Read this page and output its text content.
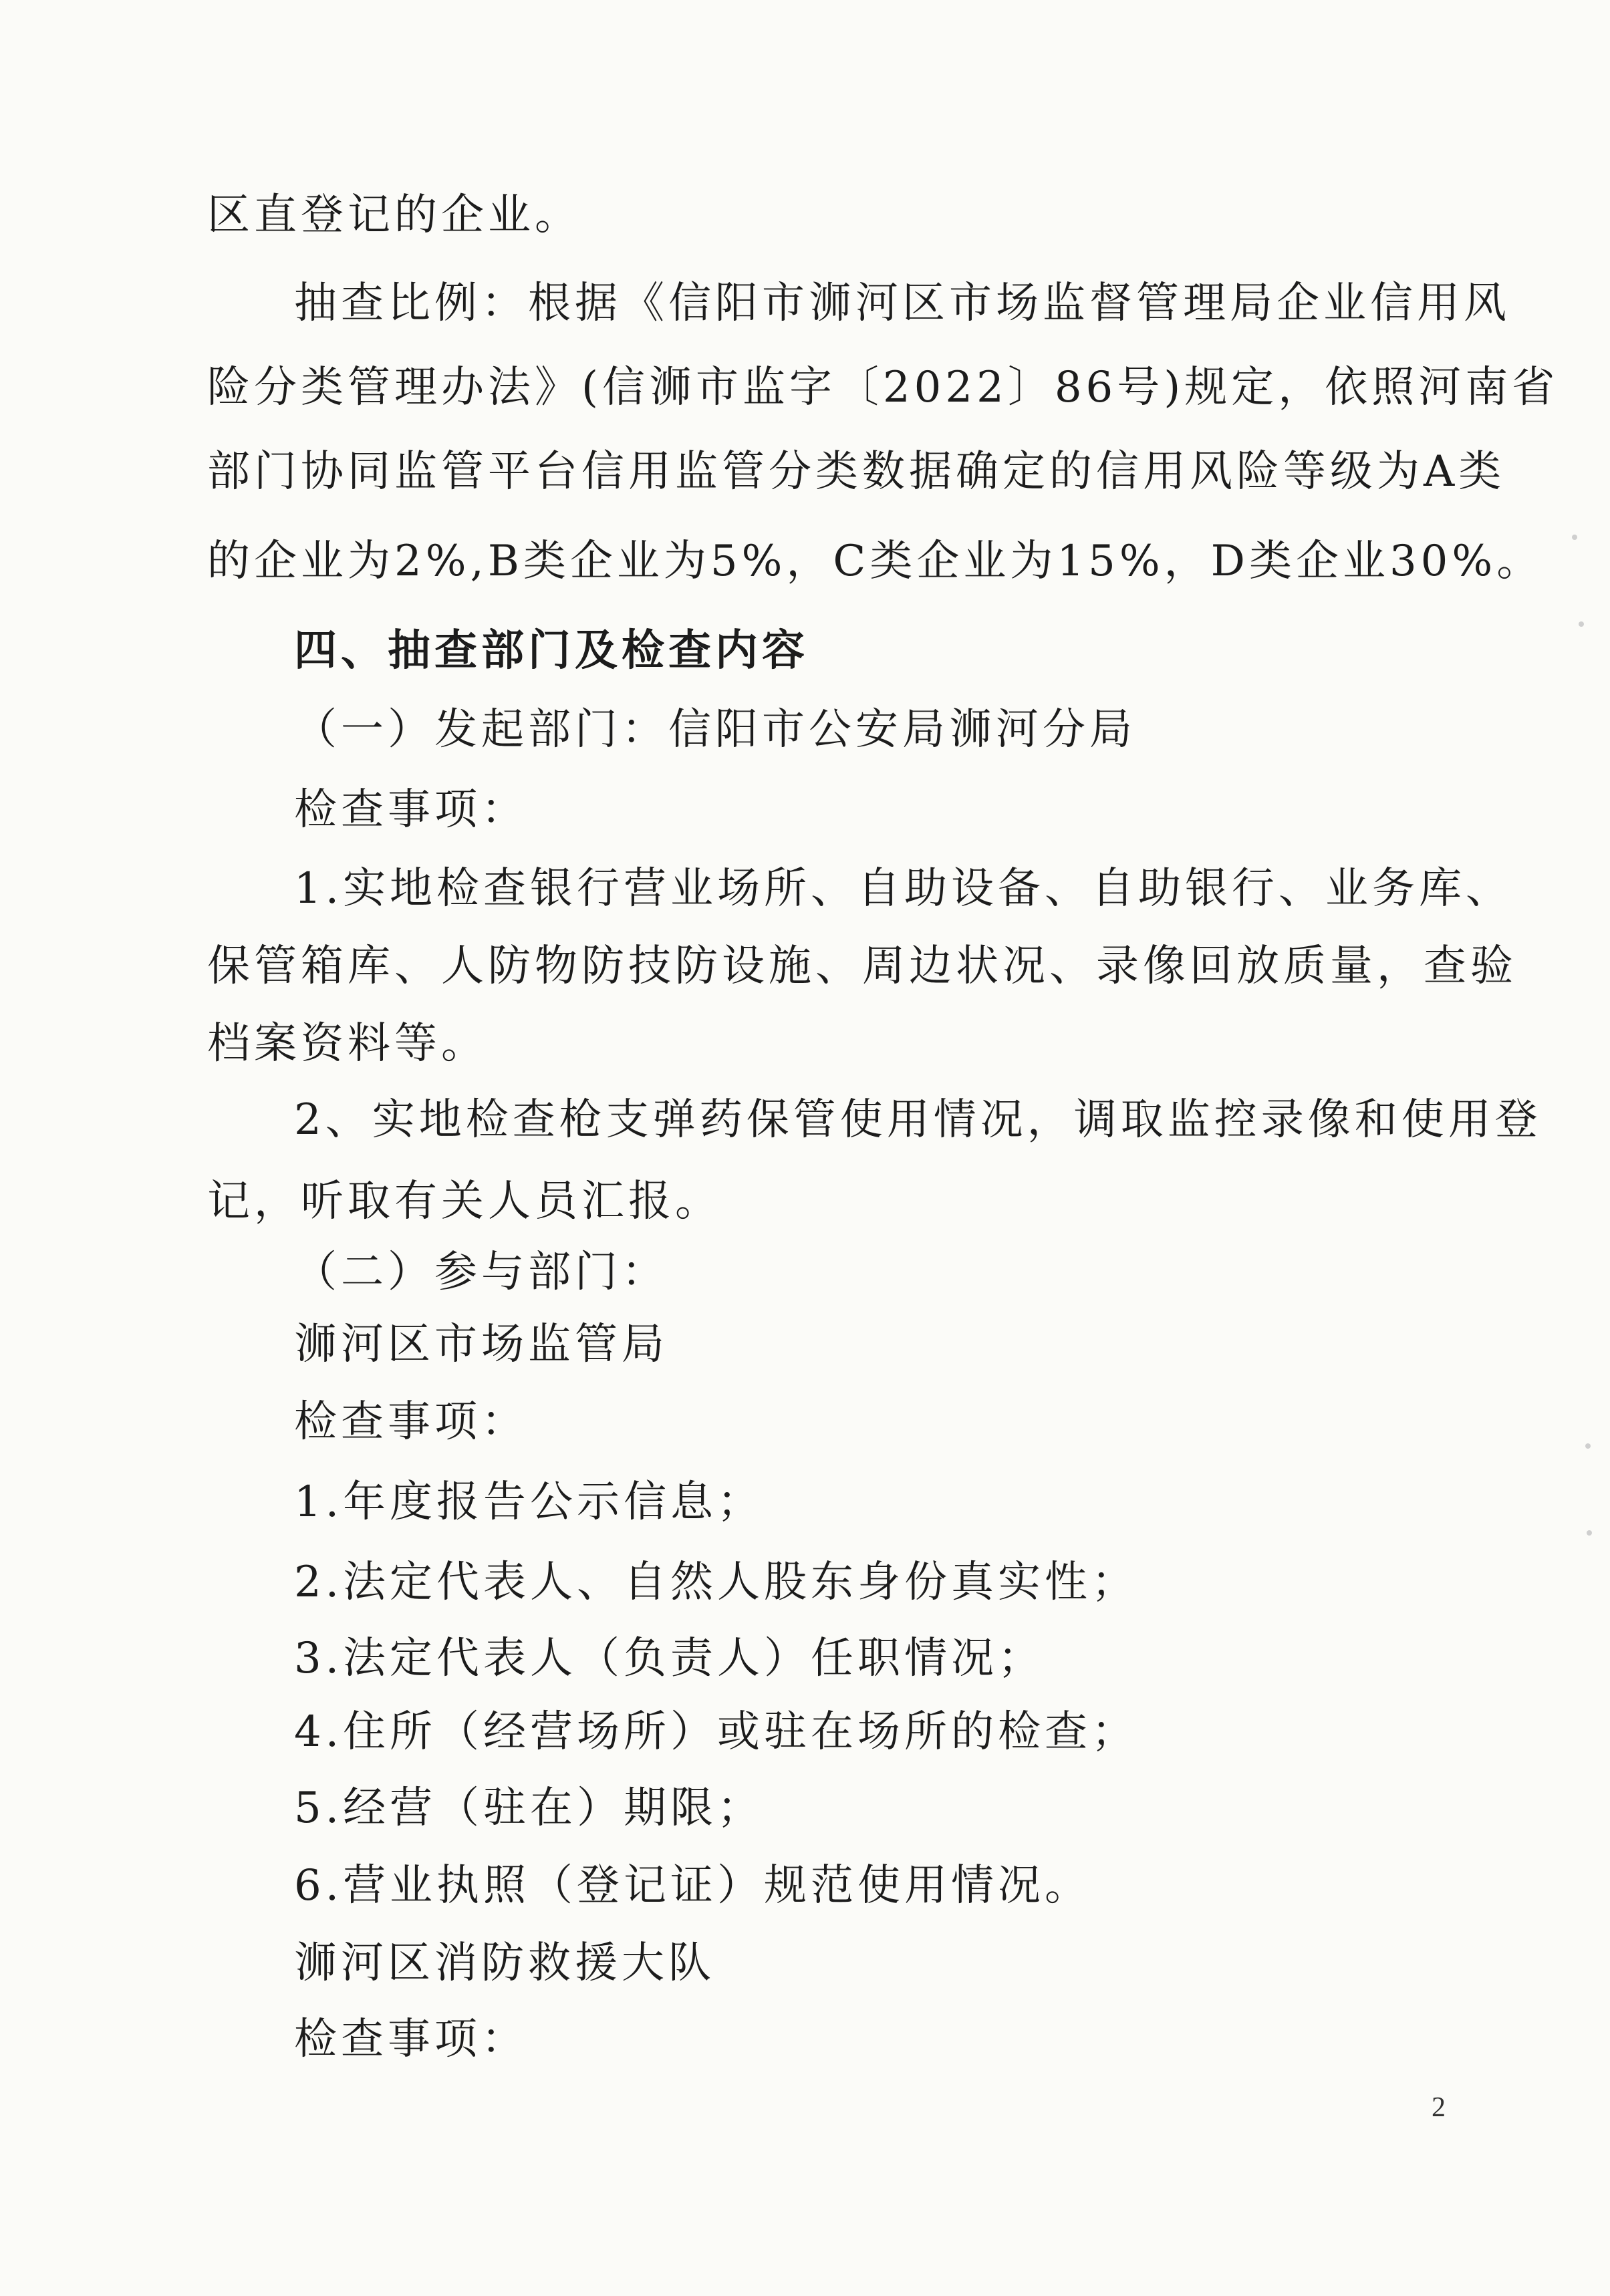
区直登记的企业。
抽查比例：根据《信阳市浉河区市场监督管理局企业信用风
险分类管理办法》(信浉市监字〔2022〕86号)规定，依照河南省
部门协同监管平台信用监管分类数据确定的信用风险等级为A类
的企业为2%,B类企业为5%，C类企业为15%，D类企业30%。
四、抽查部门及检查内容
（一）发起部门：信阳市公安局浉河分局
检查事项：
1.实地检查银行营业场所、自助设备、自助银行、业务库、
保管箱库、人防物防技防设施、周边状况、录像回放质量，查验
档案资料等。
2、实地检查枪支弹药保管使用情况，调取监控录像和使用登
记，听取有关人员汇报。
（二）参与部门：
浉河区市场监管局
检查事项：
1.年度报告公示信息；
2.法定代表人、自然人股东身份真实性；
3.法定代表人（负责人）任职情况；
4.住所（经营场所）或驻在场所的检查；
5.经营（驻在）期限；
6.营业执照（登记证）规范使用情况。
浉河区消防救援大队
检查事项：
2
